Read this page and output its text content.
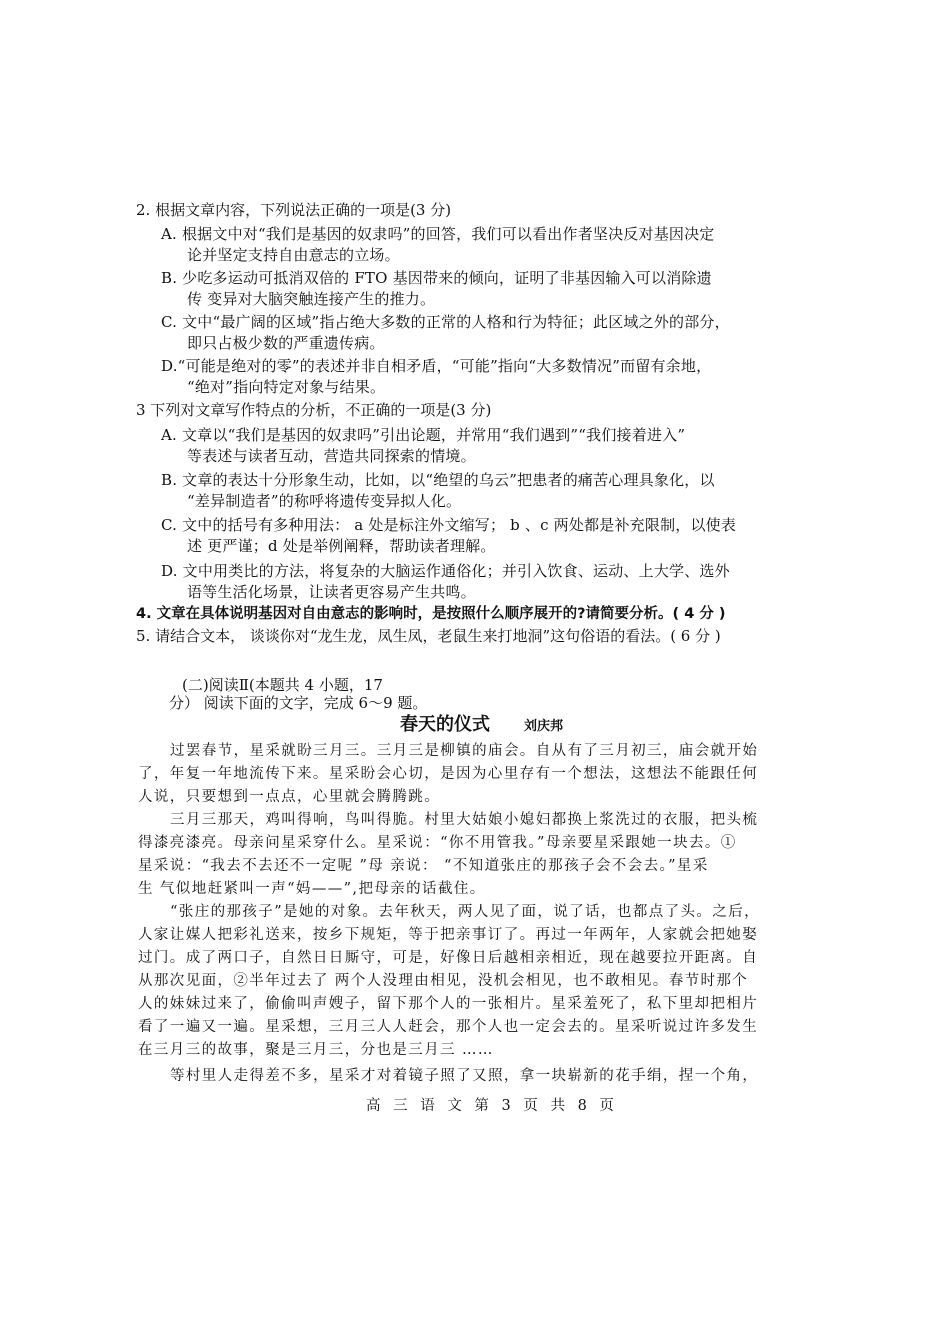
2. 根据文章内容，下列说法正确的一项是(3 分)

A. 根据文中对“我们是基因的奴隶吗”的回答，我们可以看出作者坚决反对基因决定

论并坚定支持自由意志的立场。

B. 少吃多运动可抵消双倍的 FTO 基因带来的倾向，证明了非基因输入可以消除遗

传 变异对大脑突触连接产生的推力。

C. 文中“最广阔的区域”指占绝大多数的正常的人格和行为特征；此区域之外的部分，

即只占极少数的严重遗传病。

D.“可能是绝对的零”的表述并非自相矛盾，“可能”指向“大多数情况”而留有余地，

“绝对”指向特定对象与结果。

3 下列对文章写作特点的分析，不正确的一项是(3 分)

A. 文章以“我们是基因的奴隶吗”引出论题，并常用“我们遇到”“我们接着进入”

等表述与读者互动，营造共同探索的情境。

B. 文章的表达十分形象生动，比如，以“绝望的乌云”把患者的痛苦心理具象化，以

“差异制造者”的称呼将遗传变异拟人化。

C. 文中的括号有多种用法： a 处是标注外文缩写； b 、c 两处都是补充限制，以使表

述 更严谨；d 处是举例阐释，帮助读者理解。

D. 文中用类比的方法，将复杂的大脑运作通俗化；并引入饮食、运动、上大学、选外

语等生活化场景，让读者更容易产生共鸣。

4. 文章在具体说明基因对自由意志的影响时，是按照什么顺序展开的?请简要分析。( 4 分 )

5. 请结合文本， 谈谈你对“龙生龙，凤生凤，老鼠生来打地洞”这句俗语的看法。( 6 分 )

(二)阅读Ⅱ(本题共 4 小题，17

分） 阅读下面的文字，完成 6～9 题。

春天的仪式	刘庆邦

过罢春节，星采就盼三月三。三月三是柳镇的庙会。自从有了三月初三，庙会就开始

了，年复一年地流传下来。星采盼会心切，是因为心里存有一个想法，这想法不能跟任何

人说，只要想到一点点，心里就会腾腾跳。

三月三那天，鸡叫得响，鸟叫得脆。村里大姑娘小媳妇都换上浆洗过的衣服，把头梳

得漆亮漆亮。母亲问星采穿什么。星采说：“你不用管我。”母亲要星采跟她一块去。①

星采说：“我去不去还不一定呢 ”母 亲说： “不知道张庄的那孩子会不会去。”星采

生 气似地赶紧叫一声“妈——”,把母亲的话截住。

“张庄的那孩子”是她的对象。去年秋天，两人见了面，说了话，也都点了头。之后，

人家让媒人把彩礼送来，按乡下规矩，等于把亲事订了。再过一年两年，人家就会把她娶

过门。成了两口子，自然日日厮守，可是，好像日后越相亲相近，现在越要拉开距离。自

从那次见面，②半年过去了 两个人没理由相见，没机会相见，也不敢相见。春节时那个

人的妹妹过来了，偷偷叫声嫂子，留下那个人的一张相片。星采羞死了，私下里却把相片

看了一遍又一遍。星采想，三月三人人赶会，那个人也一定会去的。星采听说过许多发生

在三月三的故事，聚是三月三，分也是三月三 ……

等村里人走得差不多，星采才对着镜子照了又照，拿一块崭新的花手绢，捏一个角，

高 三 语 文 第 3 页 共 8 页
